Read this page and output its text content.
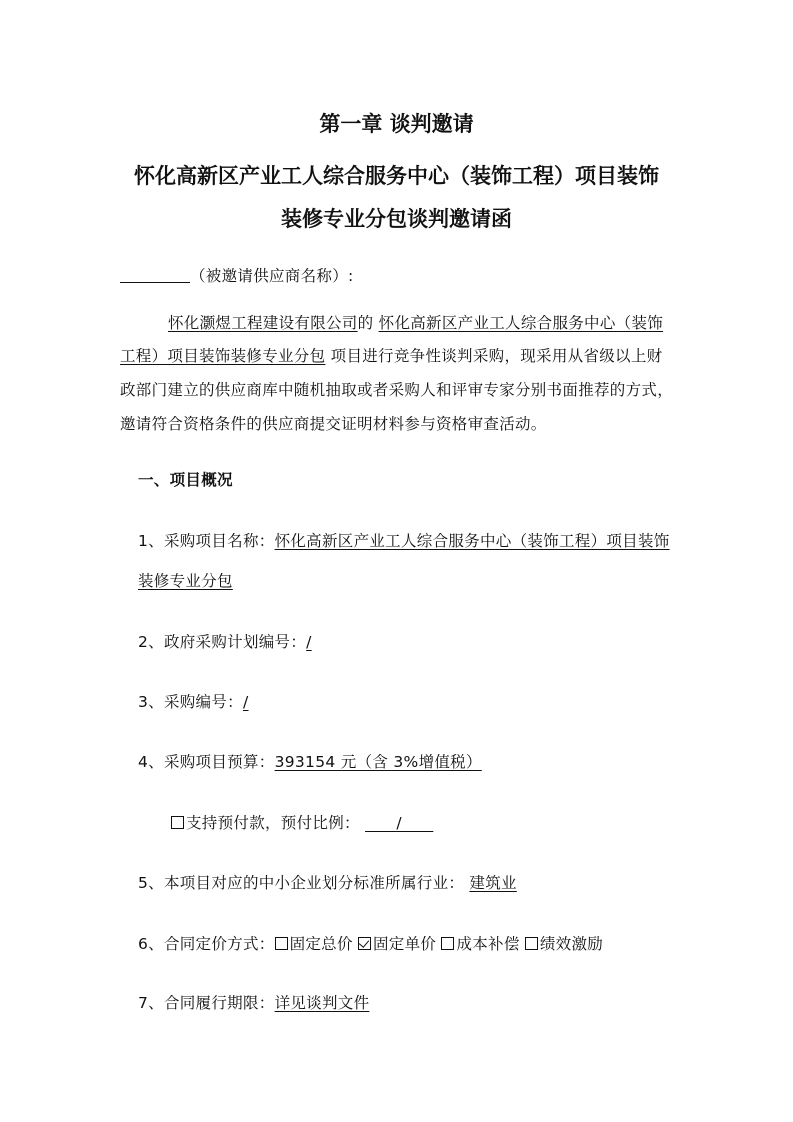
第一章 谈判邀请
怀化高新区产业工人综合服务中心（装饰工程）项目装饰
装修专业分包谈判邀请函
（被邀请供应商名称）:
怀化灏煜工程建设有限公司的 怀化高新区产业工人综合服务中心（装饰
工程）项目装饰装修专业分包 项目进行竞争性谈判采购，现采用从省级以上财
政部门建立的供应商库中随机抽取或者采购人和评审专家分别书面推荐的方式，
邀请符合资格条件的供应商提交证明材料参与资格审查活动。
一、项目概况
1、采购项目名称：怀化高新区产业工人综合服务中心（装饰工程）项目装饰
装修专业分包
2、政府采购计划编号：/
3、采购编号：/
4、采购项目预算：393154 元（含 3%增值税）
支持预付款，预付比例： /
5、本项目对应的中小企业划分标准所属行业： 建筑业
6、合同定价方式： 固定总价 固定单价 成本补偿 绩效激励
7、合同履行期限：详见谈判文件
